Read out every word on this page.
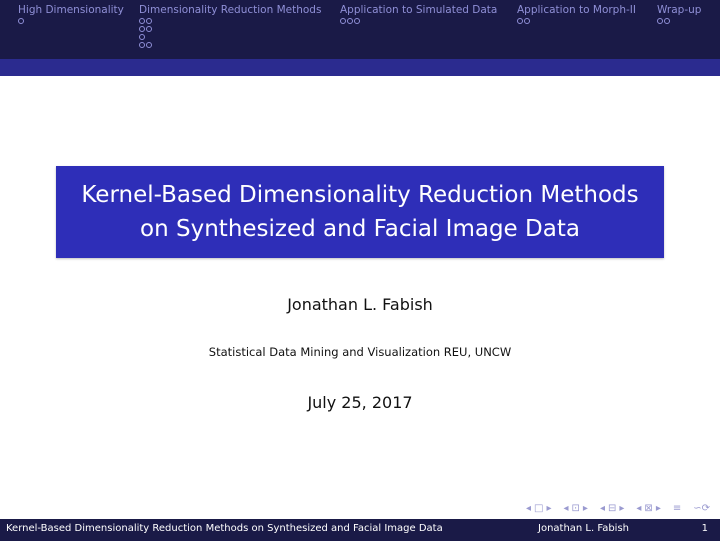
High Dimensionality Dimensionality Reduction Methods Application to Simulated Data Application to Morph-II Wrap-up
Kernel-Based Dimensionality Reduction Methods
on Synthesized and Facial Image Data
Jonathan L. Fabish
Statistical Data Mining and Visualization REU, UNCW
July 25, 2017
◂ □ ▸ ◂ ⊡ ▸ ◂ ⊟ ▸ ◂ ⊠ ▸ ≡ ∽⟳
Kernel-Based Dimensionality Reduction Methods on Synthesized and Facial Image Data	Jonathan L. Fabish	1
